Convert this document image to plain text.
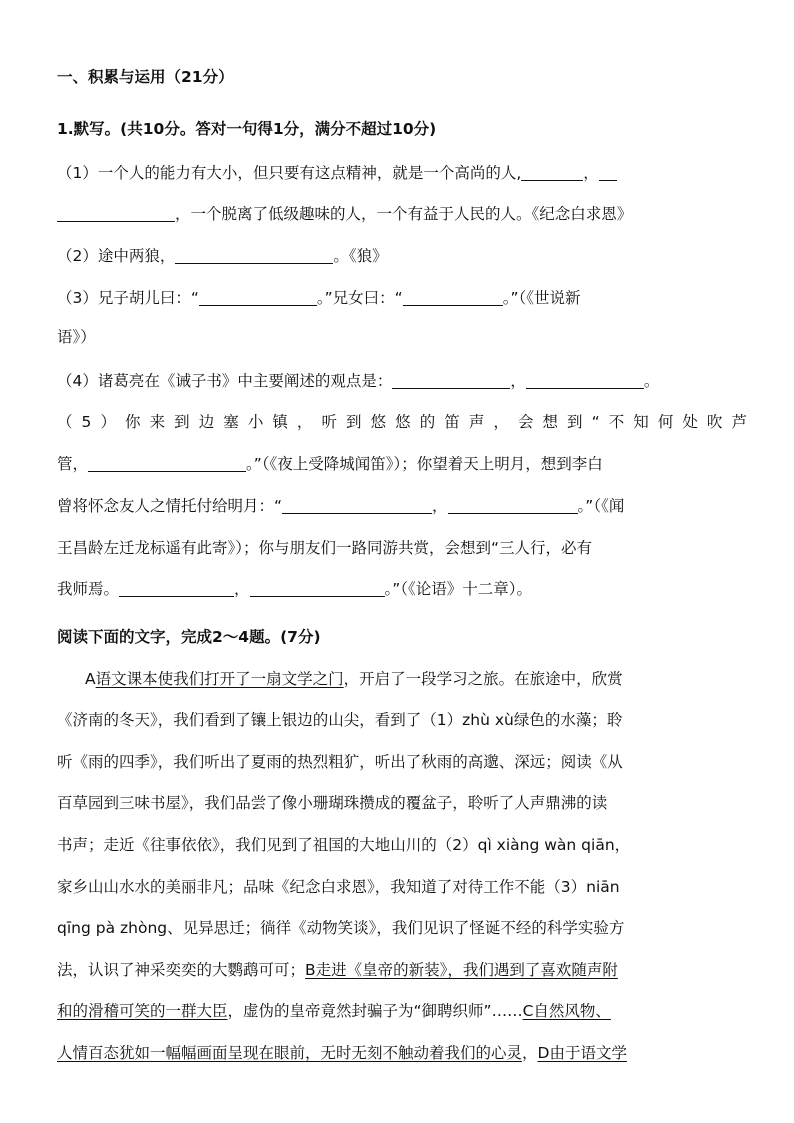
一、积累与运用（21分）
1.默写。(共10分。答对一句得1分，满分不超过10分)
（1）一个人的能力有大小，但只要有这点精神，就是一个高尚的人,	，
，一个脱离了低级趣味的人，一个有益于人民的人。《纪念白求恩》
（2）途中两狼，	。《狼》
（3）兄子胡儿曰：“	。”兄女曰：“	。”（《世说新
语》）
（4）诸葛亮在《诫子书》中主要阐述的观点是：	，	。
（5）你来到边塞小镇，听到悠悠的笛声，会想到“不知何处吹芦
管，	。”（《夜上受降城闻笛》）；你望着天上明月，想到李白
曾将怀念友人之情托付给明月：“	，	。”（《闻
王昌龄左迁龙标遥有此寄》）；你与朋友们一路同游共赏，会想到“三人行，必有
我师焉。	，	。”（《论语》十二章）。
阅读下面的文字，完成2～4题。(7分)
A语文课本使我们打开了一扇文学之门，开启了一段学习之旅。在旅途中，欣赏
《济南的冬天》，我们看到了镶上银边的山尖，看到了（1）zhù xù绿色的水藻；聆
听《雨的四季》，我们听出了夏雨的热烈粗犷，听出了秋雨的高邈、深远；阅读《从
百草园到三味书屋》，我们品尝了像小珊瑚珠攒成的覆盆子，聆听了人声鼎沸的读
书声；走近《往事依依》，我们见到了祖国的大地山川的（2）qì xiàng wàn qiān，
家乡山山水水的美丽非凡；品味《纪念白求恩》，我知道了对待工作不能（3）niān
qīng pà zhòng、见异思迁；徜徉《动物笑谈》，我们见识了怪诞不经的科学实验方
法，认识了神采奕奕的大鹦鹉可可；B走进《皇帝的新装》，我们遇到了喜欢随声附
和的滑稽可笑的一群大臣，虚伪的皇帝竟然封骗子为“御聘织师”……C自然风物、
人情百态犹如一幅幅画面呈现在眼前，无时无刻不触动着我们的心灵，D由于语文学
